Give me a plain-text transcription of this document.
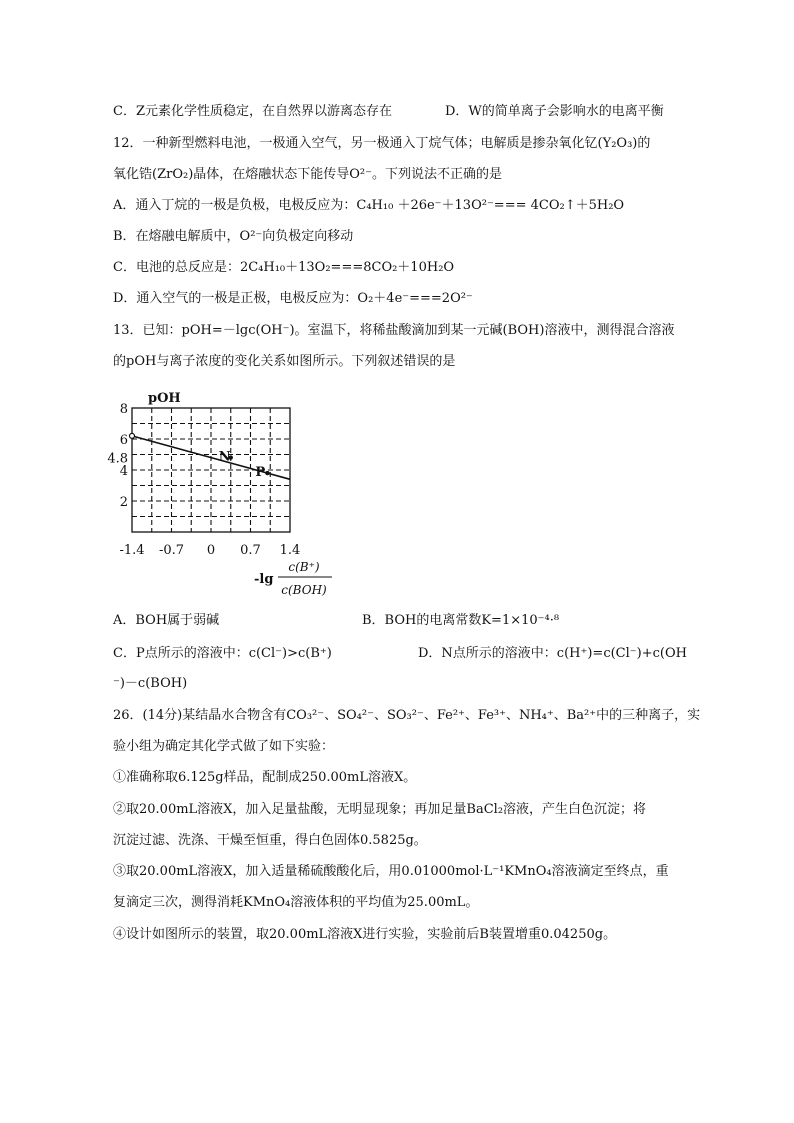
C．Z元素化学性质稳定，在自然界以游离态存在	D．W的简单离子会影响水的电离平衡
12．一种新型燃料电池，一极通入空气，另一极通入丁烷气体；电解质是掺杂氧化钇(Y₂O₃)的
氧化锆(ZrO₂)晶体，在熔融状态下能传导O²⁻。下列说法不正确的是
A．通入丁烷的一极是负极，电极反应为：C₄H₁₀ ＋26e⁻＋13O²⁻=== 4CO₂↑＋5H₂O
B．在熔融电解质中，O²⁻向负极定向移动
C．电池的总反应是：2C₄H₁₀＋13O₂===8CO₂＋10H₂O
D．通入空气的一极是正极，电极反应为：O₂＋4e⁻===2O²⁻
13．已知：pOH=－lgc(OH⁻)。室温下，将稀盐酸滴加到某一元碱(BOH)溶液中，测得混合溶液
的pOH与离子浓度的变化关系如图所示。下列叙述错误的是
8
6
4.8
4
2
-1.4 -0.7 0 0.7 1.4
N
P
pOH
-lg
c(B⁺)
c(BOH)
A．BOH属于弱碱	B．BOH的电离常数K=1×10⁻⁴·⁸
C．P点所示的溶液中：c(Cl⁻)>c(B⁺)	D．N点所示的溶液中：c(H⁺)=c(Cl⁻)+c(OH
⁻)－c(BOH)
26．(14分)某结晶水合物含有CO₃²⁻、SO₄²⁻、SO₃²⁻、Fe²⁺、Fe³⁺、NH₄⁺、Ba²⁺中的三种离子，实
验小组为确定其化学式做了如下实验：
①准确称取6.125g样品，配制成250.00mL溶液X。
②取20.00mL溶液X，加入足量盐酸，无明显现象；再加足量BaCl₂溶液，产生白色沉淀；将
沉淀过滤、洗涤、干燥至恒重，得白色固体0.5825g。
③取20.00mL溶液X，加入适量稀硫酸酸化后，用0.01000mol·L⁻¹KMnO₄溶液滴定至终点，重
复滴定三次，测得消耗KMnO₄溶液体积的平均值为25.00mL。
④设计如图所示的装置，取20.00mL溶液X进行实验，实验前后B装置增重0.04250g。
